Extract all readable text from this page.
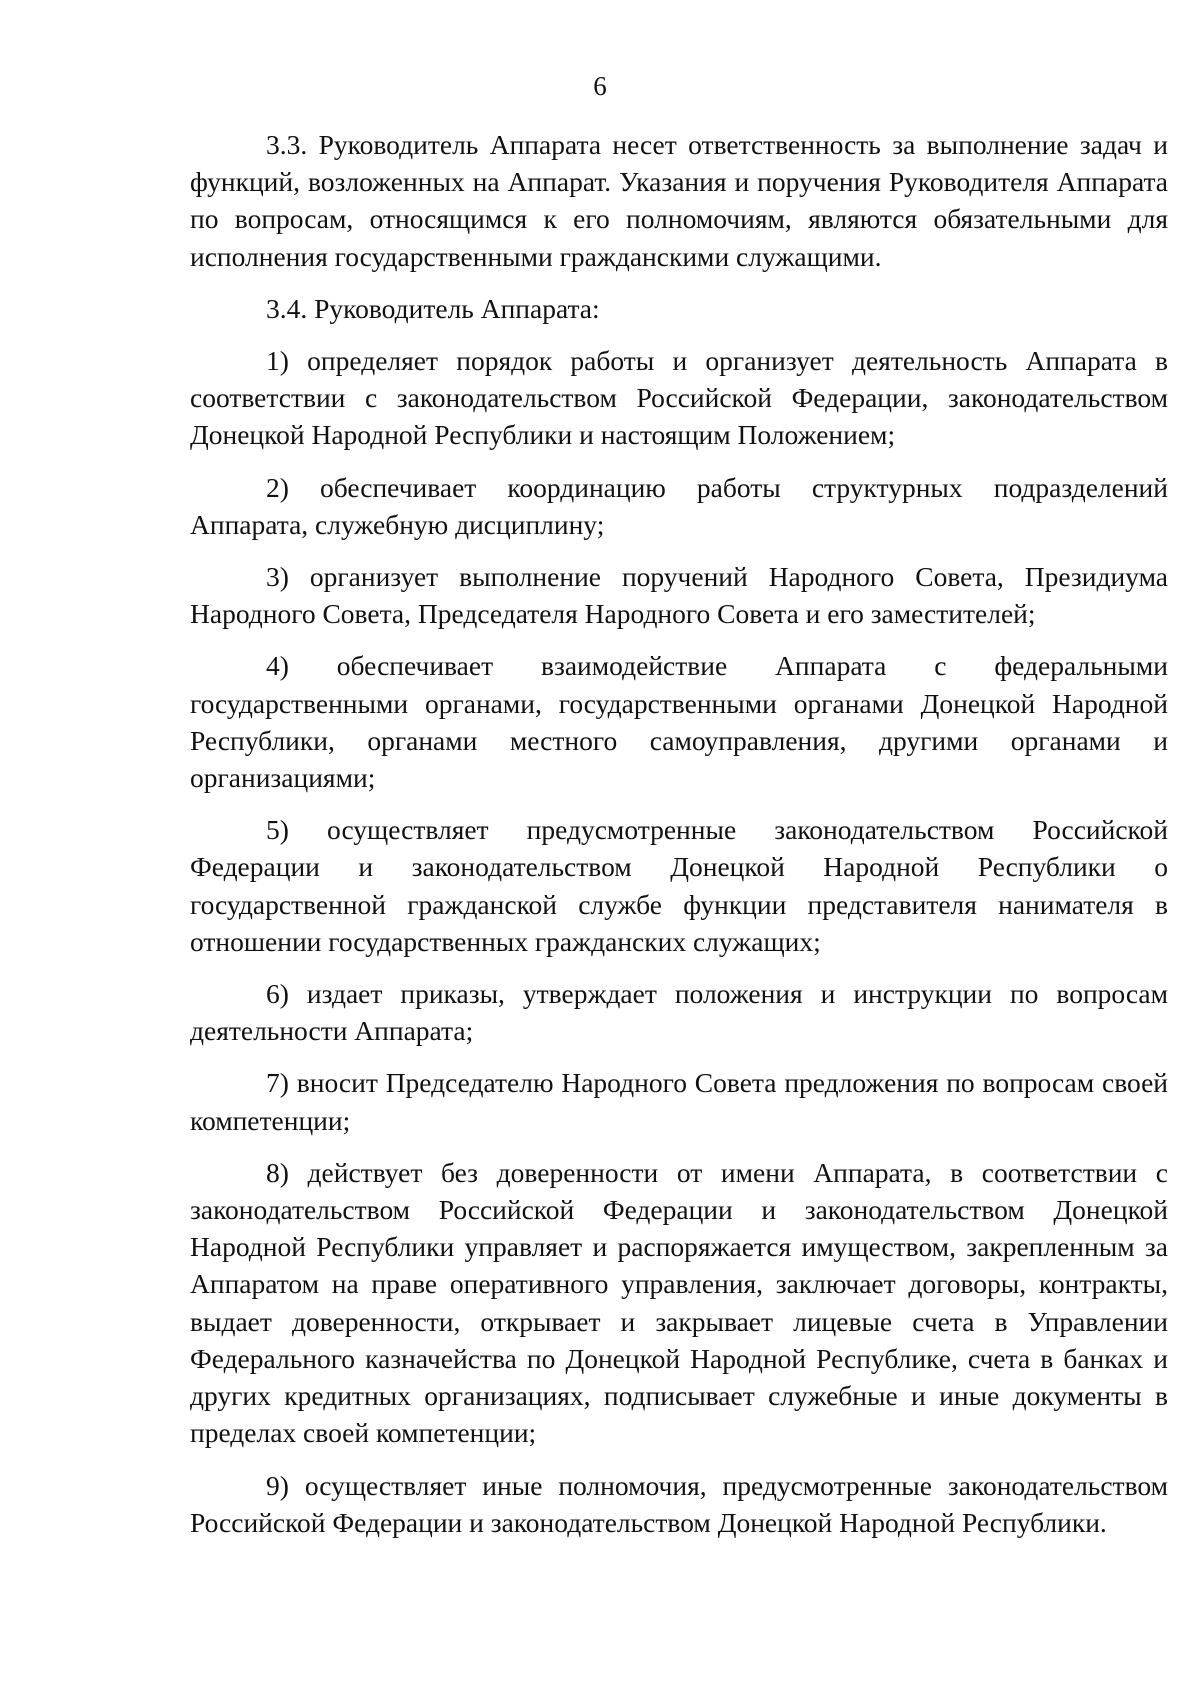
6

3.3. Руководитель Аппарата несет ответственность за выполнение задач и функций, возложенных на Аппарат. Указания и поручения Руководителя Аппарата по вопросам, относящимся к его полномочиям, являются обязательными для исполнения государственными гражданскими служащими.

3.4. Руководитель Аппарата:

1) определяет порядок работы и организует деятельность Аппарата в соответствии с законодательством Российской Федерации, законодательством Донецкой Народной Республики и настоящим Положением;

2) обеспечивает координацию работы структурных подразделений Аппарата, служебную дисциплину;

3) организует выполнение поручений Народного Совета, Президиума Народного Совета, Председателя Народного Совета и его заместителей;

4) обеспечивает взаимодействие Аппарата с федеральными государственными органами, государственными органами Донецкой Народной Республики, органами местного самоуправления, другими органами и организациями;

5) осуществляет предусмотренные законодательством Российской Федерации и законодательством Донецкой Народной Республики о государственной гражданской службе функции представителя нанимателя в отношении государственных гражданских служащих;

6) издает приказы, утверждает положения и инструкции по вопросам деятельности Аппарата;

7) вносит Председателю Народного Совета предложения по вопросам своей компетенции;

8) действует без доверенности от имени Аппарата, в соответствии с законодательством Российской Федерации и законодательством Донецкой Народной Республики управляет и распоряжается имуществом, закрепленным за Аппаратом на праве оперативного управления, заключает договоры, контракты, выдает доверенности, открывает и закрывает лицевые счета в Управлении Федерального казначейства по Донецкой Народной Республике, счета в банках и других кредитных организациях, подписывает служебные и иные документы в пределах своей компетенции;

9) осуществляет иные полномочия, предусмотренные законодательством Российской Федерации и законодательством Донецкой Народной Республики.
